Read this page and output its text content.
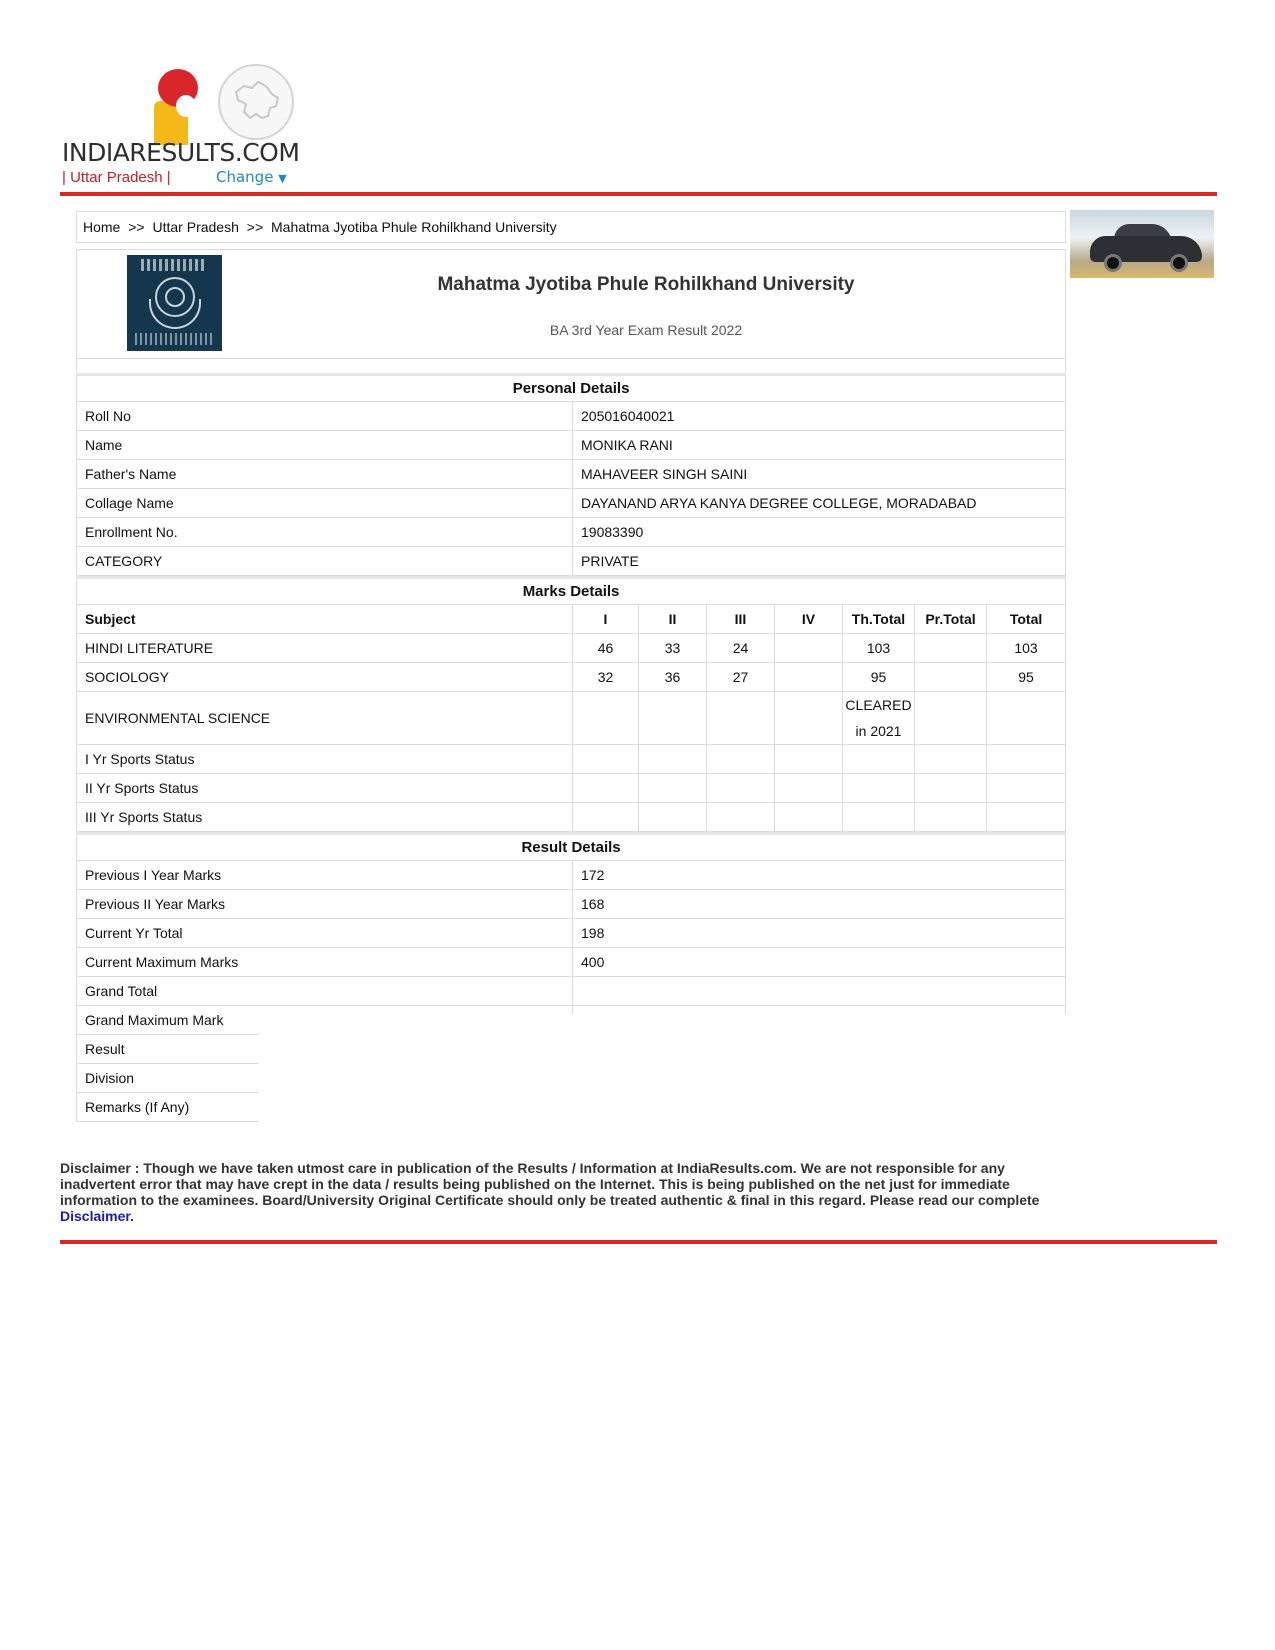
INDIARESULTS.COM
| Uttar Pradesh |	Change ▼
Home >> Uttar Pradesh >> Mahatma Jyotiba Phule Rohilkhand University
Mahatma Jyotiba Phule Rohilkhand University
BA 3rd Year Exam Result 2022
Personal Details							
Roll No	205016040021						
Name	MONIKA RANI						
Father's Name	MAHAVEER SINGH SAINI						
Collage Name	DAYANAND ARYA KANYA DEGREE COLLEGE, MORADABAD						
Enrollment No.	19083390						
CATEGORY	PRIVATE						
Marks Details							
Subject	I	II	III	IV	Th.Total	Pr.Total	Total
HINDI LITERATURE	46	33	24		103		103
SOCIOLOGY	32	36	27		95		95
ENVIRONMENTAL SCIENCE					CLEARED
in 2021		

I Yr Sports Status							
II Yr Sports Status							
III Yr Sports Status							
Result Details							
Previous I Year Marks	172						
Previous II Year Marks	168						
Current Yr Total	198						
Current Maximum Marks	400						
Grand Total							
Grand Maximum Mark							
Result							
Division							
Remarks (If Any)							
Disclaimer : Though we have taken utmost care in publication of the Results / Information at IndiaResults.com. We are not responsible for any inadvertent error that may have crept in the data / results being published on the Internet. This is being published on the net just for immediate information to the examinees. Board/University Original Certificate should only be treated authentic & final in this regard. Please read our complete Disclaimer.
